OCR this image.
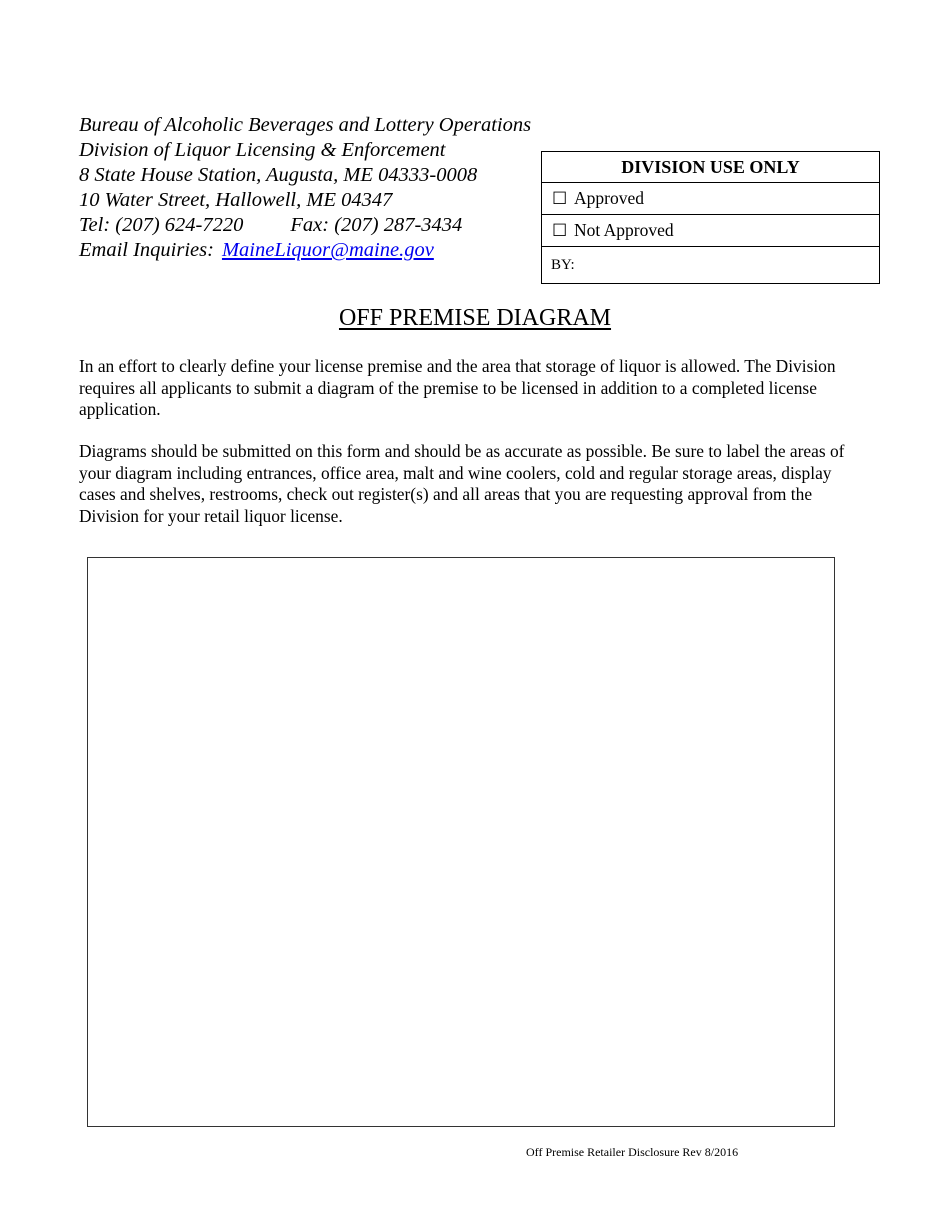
Bureau of Alcoholic Beverages and Lottery Operations
Division of Liquor Licensing & Enforcement
8 State House Station, Augusta, ME 04333-0008
10 Water Street, Hallowell, ME 04347
Tel: (207) 624-7220 Fax: (207) 287-3434
Email Inquiries: MaineLiquor@maine.gov
DIVISION USE ONLY
☐ Approved
☐ Not Approved
BY:
OFF PREMISE DIAGRAM

In an effort to clearly define your license premise and the area that storage of liquor is allowed. The Division requires all applicants to submit a diagram of the premise to be licensed in addition to a completed license application.

Diagrams should be submitted on this form and should be as accurate as possible. Be sure to label the areas of your diagram including entrances, office area, malt and wine coolers, cold and regular storage areas, display cases and shelves, restrooms, check out register(s) and all areas that you are requesting approval from the Division for your retail liquor license.

Off Premise Retailer Disclosure Rev 8/2016
